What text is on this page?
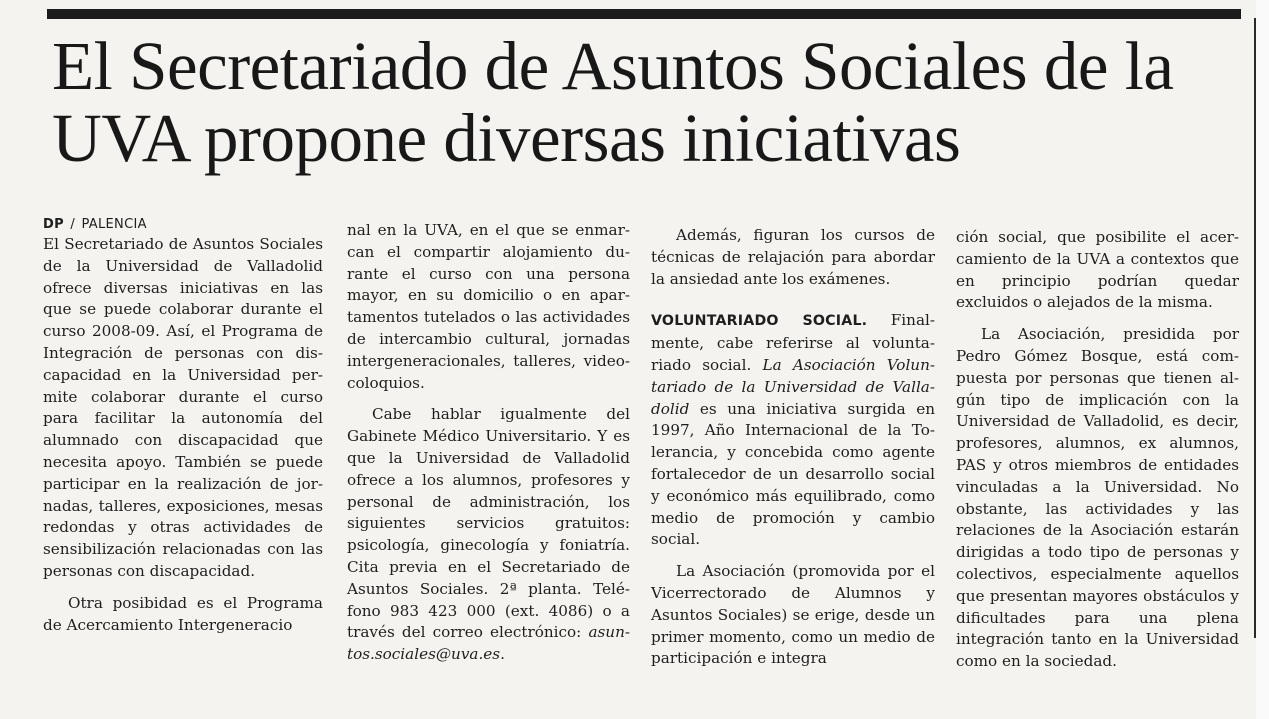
El Secretariado de Asuntos Sociales de la UVA propone diversas iniciativas
DP / PALENCIA

El Secretariado de Asuntos Sociales de la Universidad de Valladolid ofrece diversas iniciativas en las que se puede colaborar durante el curso 2008-09. Así, el Programa de Integración de personas con discapacidad en la Universidad permite colaborar durante el curso para facilitar la autonomía del alumnado con discapacidad que necesita apoyo. También se puede participar en la realización de jornadas, talleres, exposiciones, mesas redondas y otras actividades de sensibilización relacionadas con las personas con discapacidad.

Otra posibidad es el Programa de Acercamiento Intergeneracio

nal en la UVA, en el que se enmarcan el compartir alojamiento durante el curso con una persona mayor, en su domicilio o en apartamentos tutelados o las actividades de intercambio cultural, jornadas intergeneracionales, talleres, video-coloquios.

Cabe hablar igualmente del Gabinete Médico Universitario. Y es que la Universidad de Valladolid ofrece a los alumnos, profesores y personal de administración, los siguientes servicios gratuitos: psicología, ginecología y foniatría. Cita previa en el Secretariado de Asuntos Sociales. 2ª planta. Teléfono 983 423 000 (ext. 4086) o a través del correo electrónico: asuntos.sociales@uva.es.

Además, figuran los cursos de técnicas de relajación para abordar la ansiedad ante los exámenes.

VOLUNTARIADO SOCIAL. Finalmente, cabe referirse al voluntariado social. La Asociación Voluntariado de la Universidad de Valladolid es una iniciativa surgida en 1997, Año Internacional de la Tolerancia, y concebida como agente fortalecedor de un desarrollo social y económico más equilibrado, como medio de promoción y cambio social.

La Asociación (promovida por el Vicerrectorado de Alumnos y Asuntos Sociales) se erige, desde un primer momento, como un medio de participación e integra

ción social, que posibilite el acercamiento de la UVA a contextos que en principio podrían quedar excluidos o alejados de la misma.

La Asociación, presidida por Pedro Gómez Bosque, está compuesta por personas que tienen algún tipo de implicación con la Universidad de Valladolid, es decir, profesores, alumnos, ex alumnos, PAS y otros miembros de entidades vinculadas a la Universidad. No obstante, las actividades y las relaciones de la Asociación estarán dirigidas a todo tipo de personas y colectivos, especialmente aquellos que presentan mayores obstáculos y dificultades para una plena integración tanto en la Universidad como en la sociedad.
